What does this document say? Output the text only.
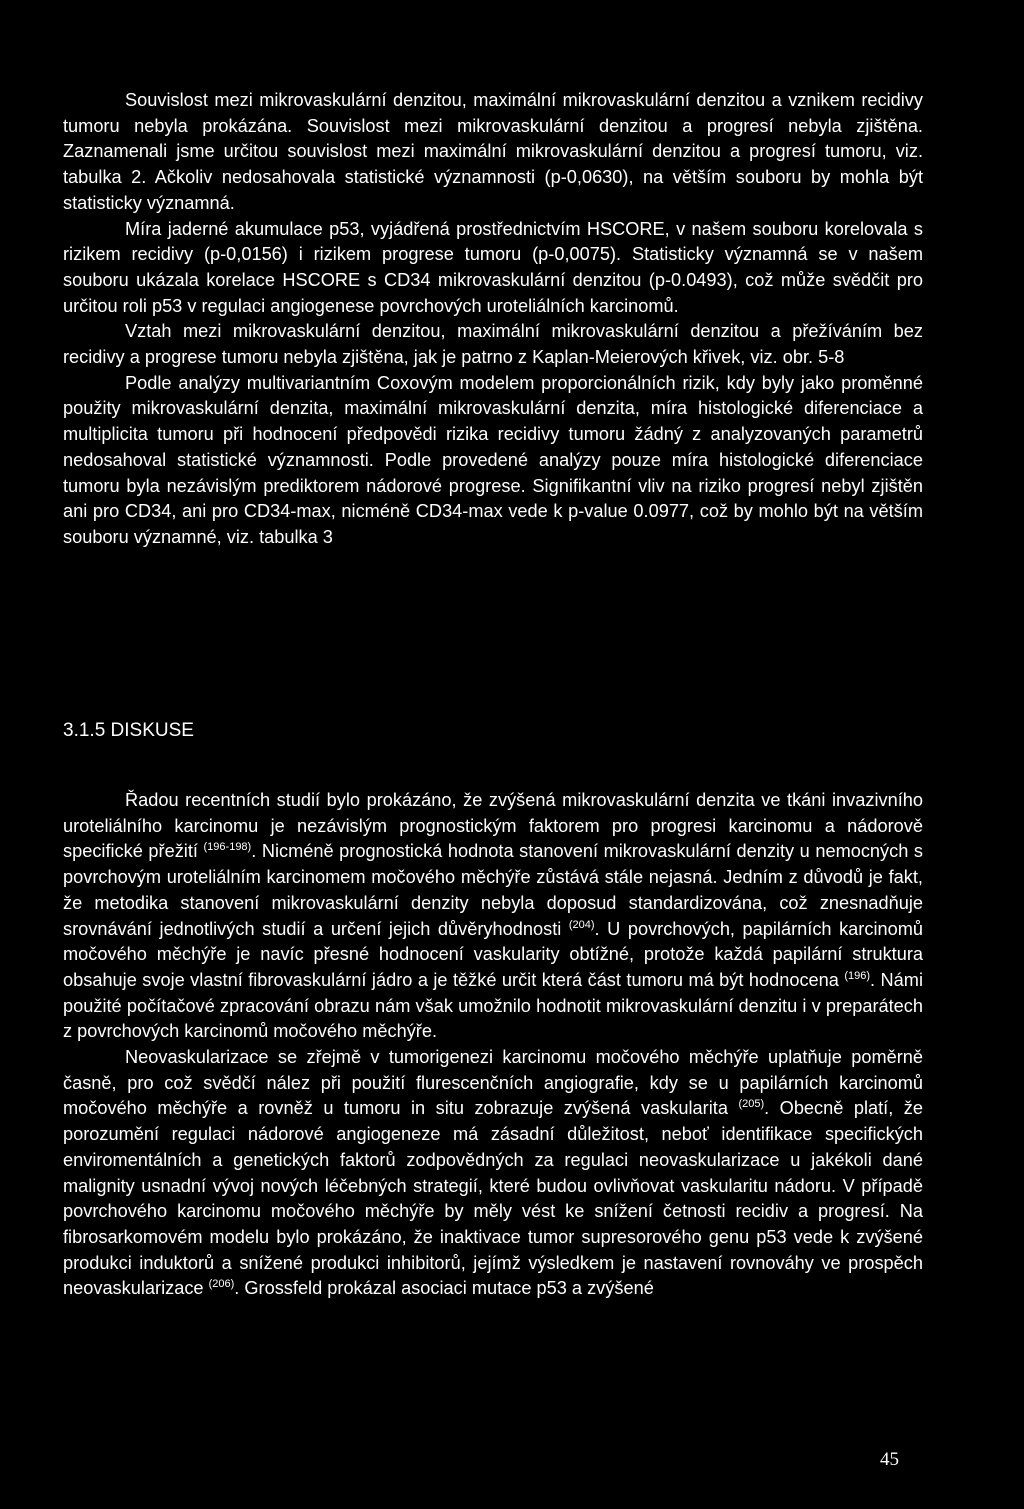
Souvislost mezi mikrovaskulární denzitou, maximální mikrovaskulární denzitou a vznikem recidivy tumoru nebyla prokázána. Souvislost mezi mikrovaskulární denzitou a progresí nebyla zjištěna. Zaznamenali jsme určitou souvislost mezi maximální mikrovaskulární denzitou a progresí tumoru, viz. tabulka 2. Ačkoliv nedosahovala statistické významnosti (p-0,0630), na větším souboru by mohla být statisticky významná.

Míra jaderné akumulace p53, vyjádřená prostřednictvím HSCORE, v našem souboru korelovala s rizikem recidivy (p-0,0156) i rizikem progrese tumoru (p-0,0075). Statisticky významná se v našem souboru ukázala korelace HSCORE s CD34 mikrovaskulární denzitou (p-0.0493), což může svědčit pro určitou roli p53 v regulaci angiogenese povrchových uroteliálních karcinomů.

Vztah mezi mikrovaskulární denzitou, maximální mikrovaskulární denzitou a přežíváním bez recidivy a progrese tumoru nebyla zjištěna, jak je patrno z Kaplan-Meierových křivek, viz. obr. 5-8

Podle analýzy multivariantním Coxovým modelem proporcionálních rizik, kdy byly jako proměnné použity mikrovaskulární denzita, maximální mikrovaskulární denzita, míra histologické diferenciace a multiplicita tumoru při hodnocení předpovědi rizika recidivy tumoru žádný z analyzovaných parametrů nedosahoval statistické významnosti. Podle provedené analýzy pouze míra histologické diferenciace tumoru byla nezávislým prediktorem nádorové progrese. Signifikantní vliv na riziko progresí nebyl zjištěn ani pro CD34, ani pro CD34-max, nicméně CD34-max vede k p-value 0.0977, což by mohlo být na větším souboru významné, viz. tabulka 3

3.1.5 DISKUSE

Řadou recentních studií bylo prokázáno, že zvýšená mikrovaskulární denzita ve tkáni invazivního uroteliálního karcinomu je nezávislým prognostickým faktorem pro progresi karcinomu a nádorově specifické přežití $^{(196-198)}$. Nicméně prognostická hodnota stanovení mikrovaskulární denzity u nemocných s povrchovým uroteliálním karcinomem močového měchýře zůstává stále nejasná. Jedním z důvodů je fakt, že metodika stanovení mikrovaskulární denzity nebyla doposud standardizována, což znesnadňuje srovnávání jednotlivých studií a určení jejich důvěryhodnosti $^{(204)}$. U povrchových, papilárních karcinomů močového měchýře je navíc přesné hodnocení vaskularity obtížné, protože každá papilární struktura obsahuje svoje vlastní fibrovaskulární jádro a je těžké určit která část tumoru má být hodnocena $^{(196)}$. Námi použité počítačové zpracování obrazu nám však umožnilo hodnotit mikrovaskulární denzitu i v preparátech z povrchových karcinomů močového měchýře.

Neovaskularizace se zřejmě v tumorigenezi karcinomu močového měchýře uplatňuje poměrně časně, pro což svědčí nález při použití flurescenčních angiografie, kdy se u papilárních karcinomů močového měchýře a rovněž u tumoru in situ zobrazuje zvýšená vaskularita $^{(205)}$. Obecně platí, že porozumění regulaci nádorové angiogeneze má zásadní důležitost, neboť identifikace specifických enviromentálních a genetických faktorů zodpovědných za regulaci neovaskularizace u jakékoli dané malignity usnadní vývoj nových léčebných strategií, které budou ovlivňovat vaskularitu nádoru. V případě povrchového karcinomu močového měchýře by měly vést ke snížení četnosti recidiv a progresí. Na fibrosarkomovém modelu bylo prokázáno, že inaktivace tumor supresorového genu p53 vede k zvýšené produkci induktorů a snížené produkci inhibitorů, jejímž výsledkem je nastavení rovnováhy ve prospěch neovaskularizace $^{(206)}$. Grossfeld prokázal asociaci mutace p53 a zvýšené

45
